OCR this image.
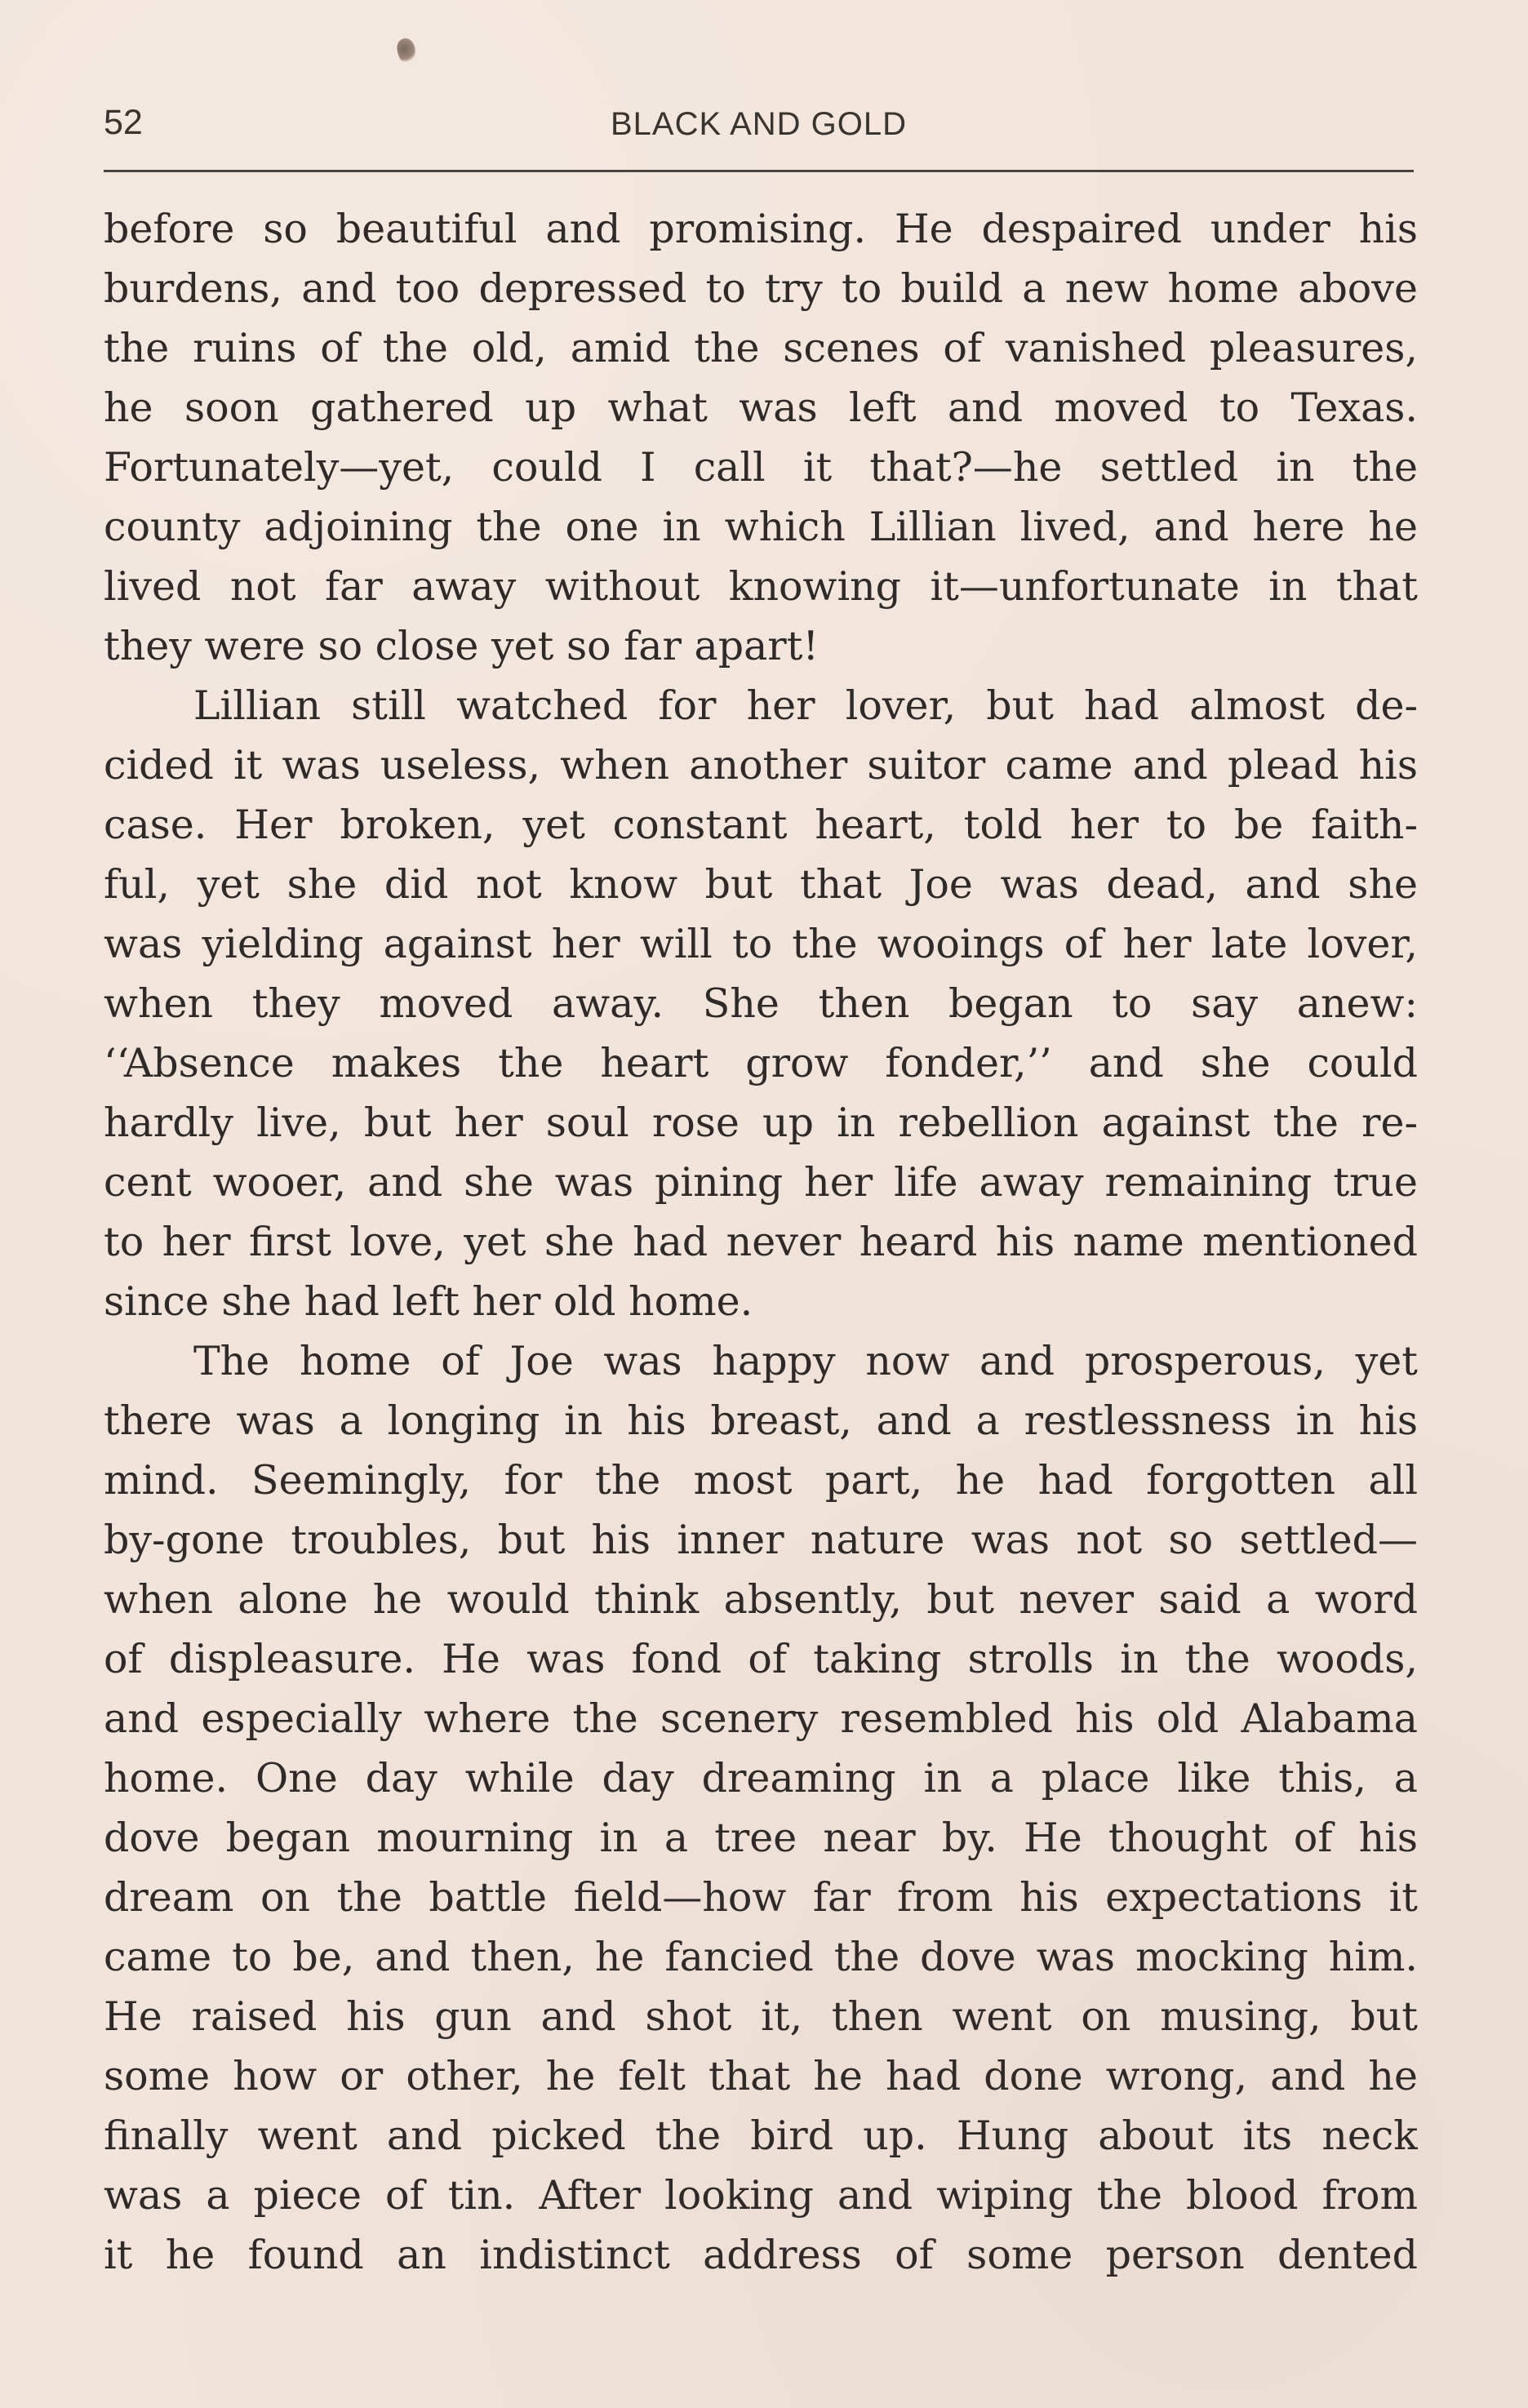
52	BLACK AND GOLD
before so beautiful and promising. He despaired under his
burdens, and too depressed to try to build a new home above
the ruins of the old, amid the scenes of vanished pleasures,
he soon gathered up what was left and moved to Texas.
Fortunately—yet, could I call it that?—he settled in the
county adjoining the one in which Lillian lived, and here he
lived not far away without knowing it—unfortunate in that
they were so close yet so far apart!
Lillian still watched for her lover, but had almost de-
cided it was useless, when another suitor came and plead his
case. Her broken, yet constant heart, told her to be faith-
ful, yet she did not know but that Joe was dead, and she
was yielding against her will to the wooings of her late lover,
when they moved away. She then began to say anew:
‘‘Absence makes the heart grow fonder,’’ and she could
hardly live, but her soul rose up in rebellion against the re-
cent wooer, and she was pining her life away remaining true
to her first love, yet she had never heard his name mentioned
since she had left her old home.
The home of Joe was happy now and prosperous, yet
there was a longing in his breast, and a restlessness in his
mind. Seemingly, for the most part, he had forgotten all
by-gone troubles, but his inner nature was not so settled—
when alone he would think absently, but never said a word
of displeasure. He was fond of taking strolls in the woods,
and especially where the scenery resembled his old Alabama
home. One day while day dreaming in a place like this, a
dove began mourning in a tree near by. He thought of his
dream on the battle field—how far from his expectations it
came to be, and then, he fancied the dove was mocking him.
He raised his gun and shot it, then went on musing, but
some how or other, he felt that he had done wrong, and he
finally went and picked the bird up. Hung about its neck
was a piece of tin. After looking and wiping the blood from
it he found an indistinct address of some person dented
